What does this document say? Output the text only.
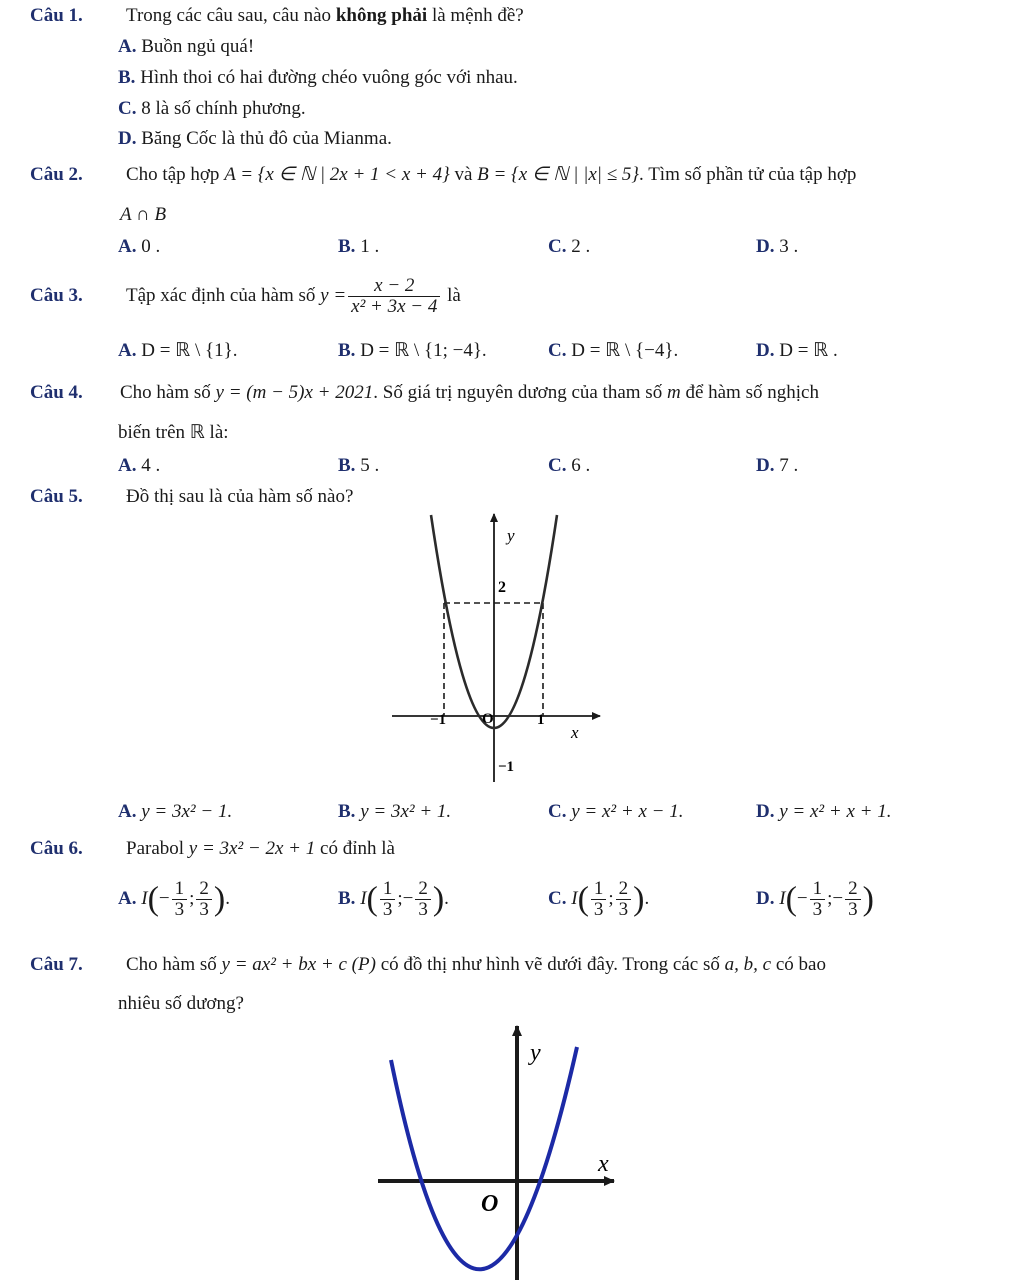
Câu 1. Trong các câu sau, câu nào không phải là mệnh đề?
A. Buồn ngủ quá!
B. Hình thoi có hai đường chéo vuông góc với nhau.
C. 8 là số chính phương.
D. Băng Cốc là thủ đô của Mianma.
Câu 2. Cho tập hợp A = {x ∈ ℕ | 2x + 1 < x + 4} và B = {x ∈ ℕ | |x| ≤ 5}. Tìm số phần tử của tập hợp
A ∩ B
A. 0 .	B. 1 .	C. 2 .	D. 3 .
Câu 3. Tập xác định của hàm số $y = \frac{x - 2}{\text{x² + 3x − 4}}$ là
A. D = ℝ \ {1}.	B. D = ℝ \ {1; −4}.	C. D = ℝ \ {−4}.	D. D = ℝ .
Câu 4. Cho hàm số y = (m − 5)x + 2021. Số giá trị nguyên dương của tham số m để hàm số nghịch
biến trên ℝ là:
A. 4 .	B. 5 .	C. 6 .	D. 7 .
Câu 5. Đồ thị sau là của hàm số nào?
y
2
−1 O	1
x
−1
A. y = 3x² − 1.	B. y = 3x² + 1.	C. y = x² + x − 1.	D. y = x² + x + 1.
Câu 6. Parabol y = 3x² − 2x + 1 có đỉnh là
A. $I(- \frac{1}{3}$ ; $\frac{2}{3}$ ).	B. $I( \frac{1}{3}$ ;− $\frac{2}{3}$ ).	C. $I( \frac{1}{3}$ ; $\frac{2}{3}$ ).	D. $I(- \frac{1}{3}$ ;− $\frac{2}{3}$ )
Câu 7. Cho hàm số y = ax² + bx + c (P) có đồ thị như hình vẽ dưới đây. Trong các số a, b, c có bao
nhiêu số dương?
y
x
O
